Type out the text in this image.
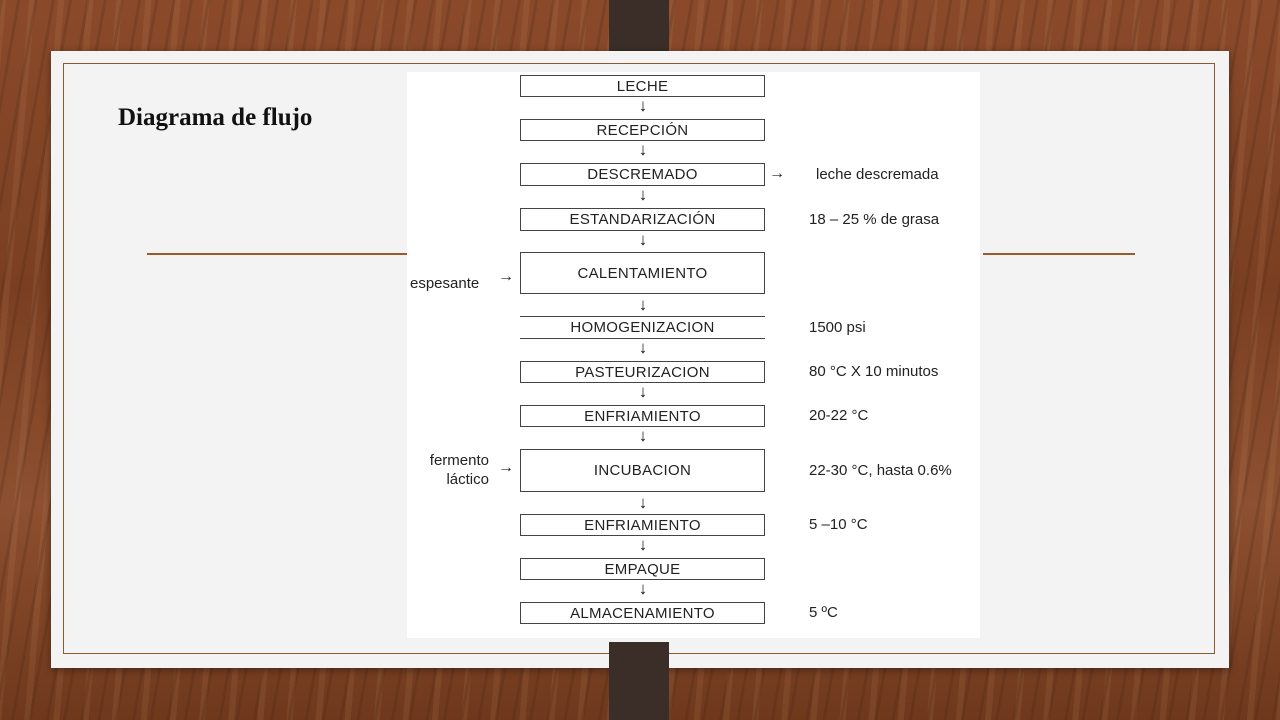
Diagrama de flujo
LECHE
↓
RECEPCIÓN
↓
DESCREMADO
↓
ESTANDARIZACIÓN
↓
CALENTAMIENTO
↓
HOMOGENIZACION
↓
PASTEURIZACION
↓
ENFRIAMIENTO
↓
INCUBACION
↓
ENFRIAMIENTO
↓
EMPAQUE
↓
ALMACENAMIENTO
→ leche descremada
18 – 25 % de grasa
1500 psi
80 °C X 10 minutos
20-22 °C
22-30 °C, hasta 0.6%
5 –10 °C
5 ºC
espesante	→
fermento
láctico
→
